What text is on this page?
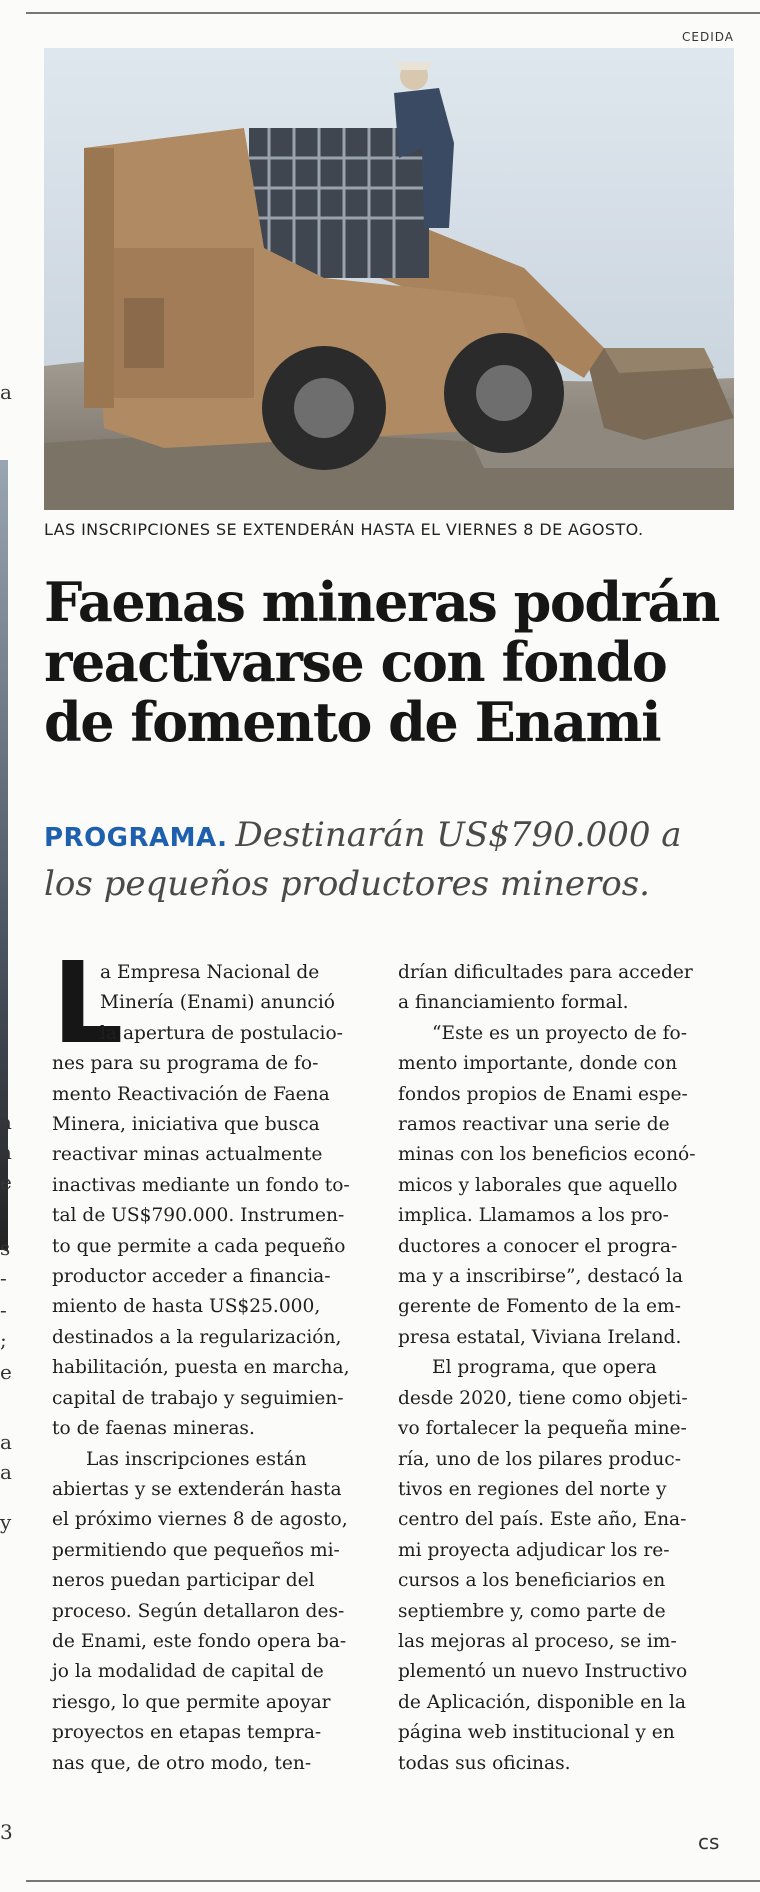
CEDIDA
a
a
a
e
s
-
-
;
e
a
a
y
3
LAS INSCRIPCIONES SE EXTENDERÁN HASTA EL VIERNES 8 DE AGOSTO.
Faenas mineras podrán
reactivarse con fondo
de fomento de Enami
PROGRAMA. Destinarán US$790.000 a
los pequeños productores mineros.
L
a Empresa Nacional de
Minería (Enami) anunció
la apertura de postulacio-
nes para su programa de fo-
mento Reactivación de Faena
Minera, iniciativa que busca
reactivar minas actualmente
inactivas mediante un fondo to-
tal de US$790.000. Instrumen-
to que permite a cada pequeño
productor acceder a financia-
miento de hasta US$25.000,
destinados a la regularización,
habilitación, puesta en marcha,
capital de trabajo y seguimien-
to de faenas mineras.
Las inscripciones están
abiertas y se extenderán hasta
el próximo viernes 8 de agosto,
permitiendo que pequeños mi-
neros puedan participar del
proceso. Según detallaron des-
de Enami, este fondo opera ba-
jo la modalidad de capital de
riesgo, lo que permite apoyar
proyectos en etapas tempra-
nas que, de otro modo, ten-
drían dificultades para acceder
a financiamiento formal.
“Este es un proyecto de fo-
mento importante, donde con
fondos propios de Enami espe-
ramos reactivar una serie de
minas con los beneficios econó-
micos y laborales que aquello
implica. Llamamos a los pro-
ductores a conocer el progra-
ma y a inscribirse”, destacó la
gerente de Fomento de la em-
presa estatal, Viviana Ireland.
El programa, que opera
desde 2020, tiene como objeti-
vo fortalecer la pequeña mine-
ría, uno de los pilares produc-
tivos en regiones del norte y
centro del país. Este año, Ena-
mi proyecta adjudicar los re-
cursos a los beneficiarios en
septiembre y, como parte de
las mejoras al proceso, se im-
plementó un nuevo Instructivo
de Aplicación, disponible en la
página web institucional y en
todas sus oficinas.
cs
